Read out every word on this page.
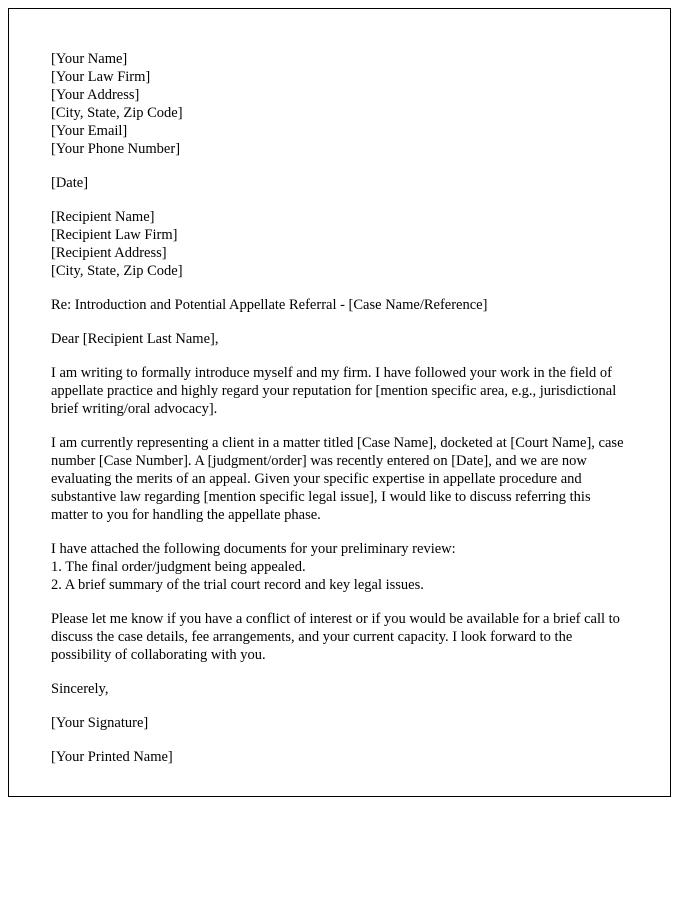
[Your Name]
[Your Law Firm]
[Your Address]
[City, State, Zip Code]
[Your Email]
[Your Phone Number]
[Date]
[Recipient Name]
[Recipient Law Firm]
[Recipient Address]
[City, State, Zip Code]
Re: Introduction and Potential Appellate Referral - [Case Name/Reference]
Dear [Recipient Last Name],
I am writing to formally introduce myself and my firm. I have followed your work in the field of appellate practice and highly regard your reputation for [mention specific area, e.g., jurisdictional brief writing/oral advocacy].
I am currently representing a client in a matter titled [Case Name], docketed at [Court Name], case number [Case Number]. A [judgment/order] was recently entered on [Date], and we are now evaluating the merits of an appeal. Given your specific expertise in appellate procedure and substantive law regarding [mention specific legal issue], I would like to discuss referring this matter to you for handling the appellate phase.
I have attached the following documents for your preliminary review:
1. The final order/judgment being appealed.
2. A brief summary of the trial court record and key legal issues.
Please let me know if you have a conflict of interest or if you would be available for a brief call to discuss the case details, fee arrangements, and your current capacity. I look forward to the possibility of collaborating with you.
Sincerely,
[Your Signature]
[Your Printed Name]
